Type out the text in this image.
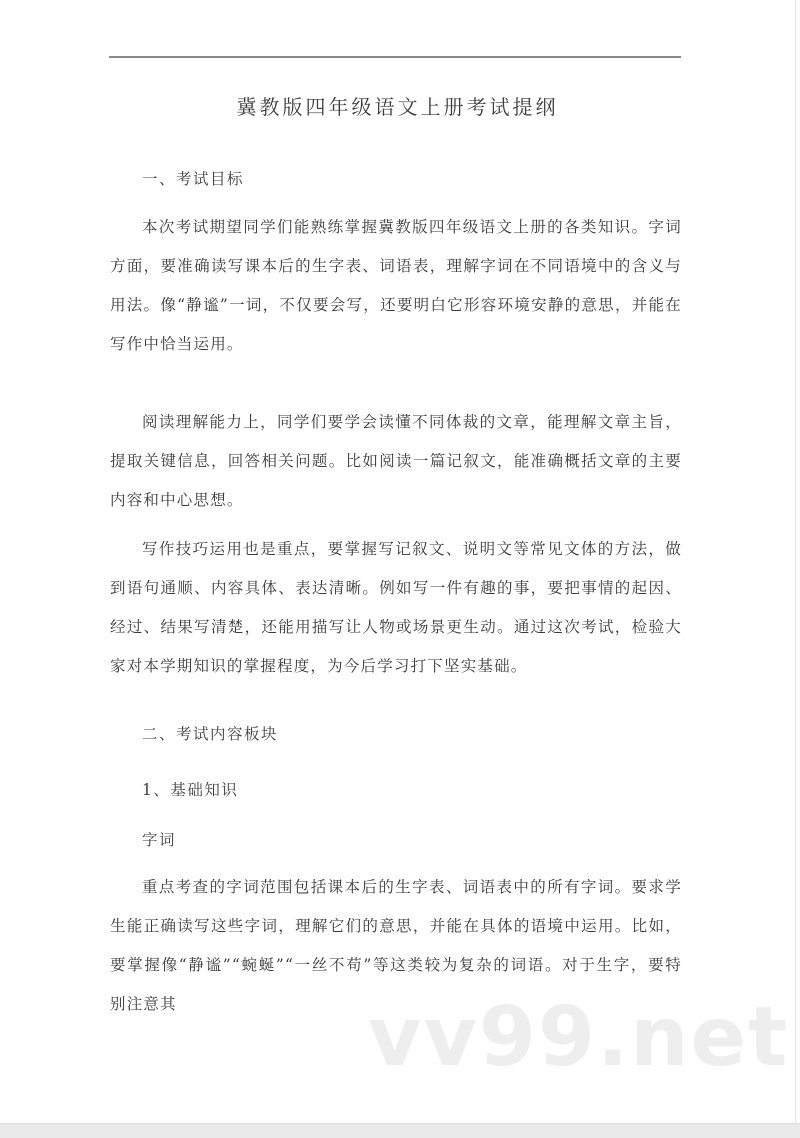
冀教版四年级语文上册考试提纲
一、考试目标
本次考试期望同学们能熟练掌握冀教版四年级语文上册的各类知识。字词方面，要准确读写课本后的生字表、词语表，理解字词在不同语境中的含义与用法。像“静谧”一词，不仅要会写，还要明白它形容环境安静的意思，并能在写作中恰当运用。
阅读理解能力上，同学们要学会读懂不同体裁的文章，能理解文章主旨，提取关键信息，回答相关问题。比如阅读一篇记叙文，能准确概括文章的主要内容和中心思想。
写作技巧运用也是重点，要掌握写记叙文、说明文等常见文体的方法，做到语句通顺、内容具体、表达清晰。例如写一件有趣的事，要把事情的起因、经过、结果写清楚，还能用描写让人物或场景更生动。通过这次考试，检验大家对本学期知识的掌握程度，为今后学习打下坚实基础。
二、考试内容板块
1、基础知识
字词
重点考查的字词范围包括课本后的生字表、词语表中的所有字词。要求学生能正确读写这些字词，理解它们的意思，并能在具体的语境中运用。比如，要掌握像“静谧”“蜿蜒”“一丝不苟”等这类较为复杂的词语。对于生字，要特别注意其	vv99.net
